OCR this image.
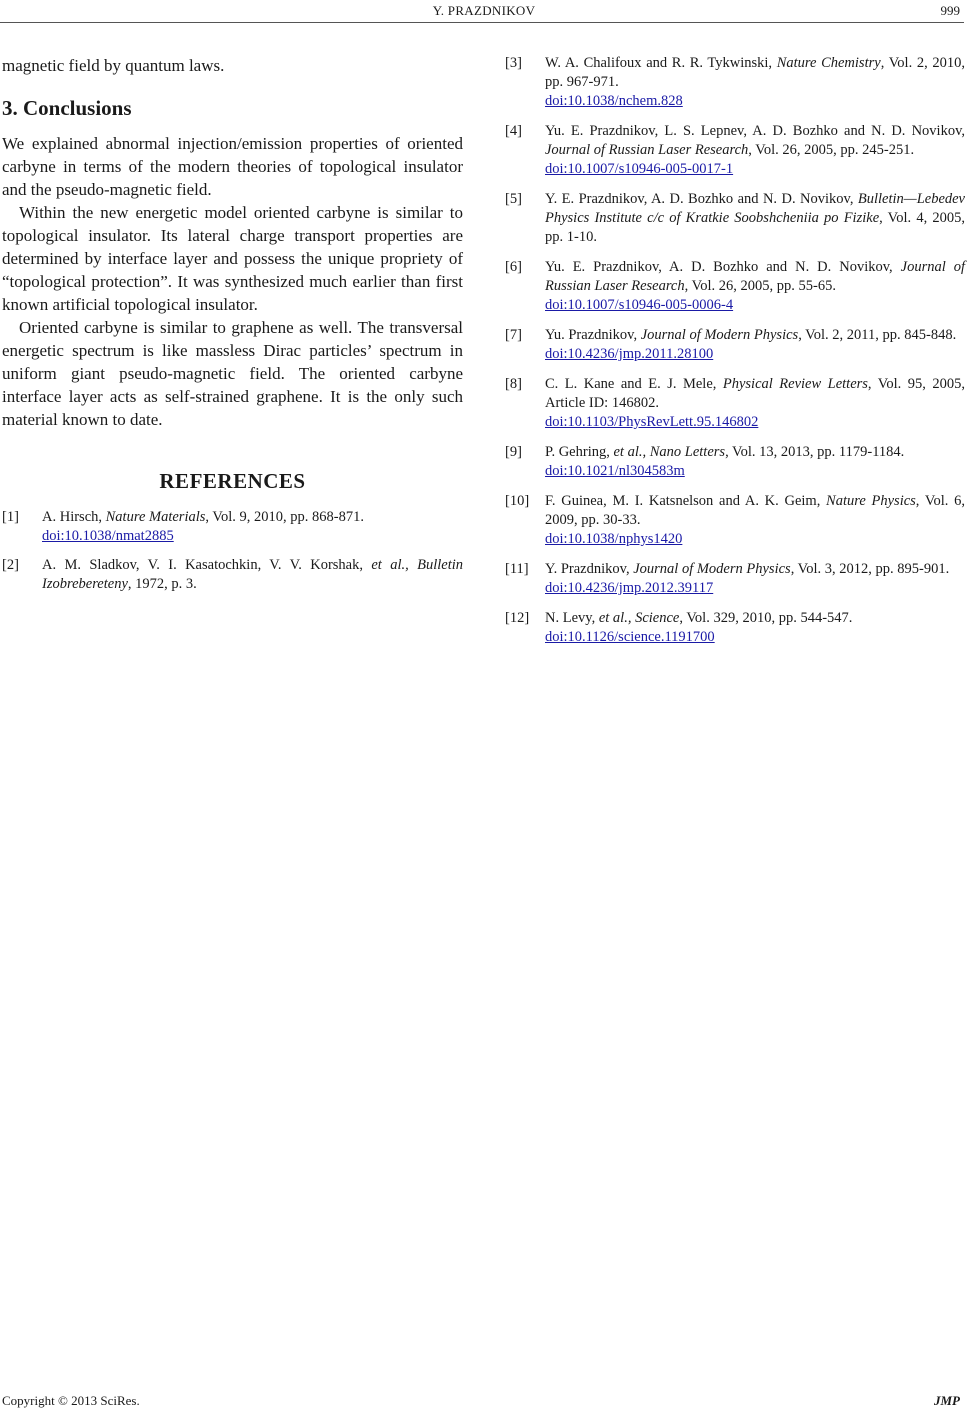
Y. PRAZDNIKOV	999

magnetic field by quantum laws.

3. Conclusions

We explained abnormal injection/emission properties of oriented carbyne in terms of the modern theories of topological insulator and the pseudo-magnetic field.

Within the new energetic model oriented carbyne is similar to topological insulator. Its lateral charge transport properties are determined by interface layer and possess the unique propriety of “topological protection”. It was synthesized much earlier than first known artificial topological insulator.

Oriented carbyne is similar to graphene as well. The transversal energetic spectrum is like massless Dirac particles’ spectrum in uniform giant pseudo-magnetic field. The oriented carbyne interface layer acts as self-strained graphene. It is the only such material known to date.

REFERENCES
[1] A. Hirsch, Nature Materials, Vol. 9, 2010, pp. 868-871.
doi:10.1038/nmat2885
[2] A. M. Sladkov, V. I. Kasatochkin, V. V. Korshak, et al., Bulletin Izobrebereteny, 1972, p. 3.
[3] W. A. Chalifoux and R. R. Tykwinski, Nature Chemistry, Vol. 2, 2010, pp. 967-971.
doi:10.1038/nchem.828
[4] Yu. E. Prazdnikov, L. S. Lepnev, A. D. Bozhko and N. D. Novikov, Journal of Russian Laser Research, Vol. 26, 2005, pp. 245-251.
doi:10.1007/s10946-005-0017-1
[5] Y. E. Prazdnikov, A. D. Bozhko and N. D. Novikov, Bulletin—Lebedev Physics Institute c/c of Kratkie Soobshcheniia po Fizike, Vol. 4, 2005, pp. 1-10.
[6] Yu. E. Prazdnikov, A. D. Bozhko and N. D. Novikov, Journal of Russian Laser Research, Vol. 26, 2005, pp. 55-65.
doi:10.1007/s10946-005-0006-4
[7] Yu. Prazdnikov, Journal of Modern Physics, Vol. 2, 2011, pp. 845-848.
doi:10.4236/jmp.2011.28100
[8] C. L. Kane and E. J. Mele, Physical Review Letters, Vol. 95, 2005, Article ID: 146802.
doi:10.1103/PhysRevLett.95.146802
[9] P. Gehring, et al., Nano Letters, Vol. 13, 2013, pp. 1179-1184.
doi:10.1021/nl304583m
[10] F. Guinea, M. I. Katsnelson and A. K. Geim, Nature Physics, Vol. 6, 2009, pp. 30-33.
doi:10.1038/nphys1420
[11] Y. Prazdnikov, Journal of Modern Physics, Vol. 3, 2012, pp. 895-901.
doi:10.4236/jmp.2012.39117
[12] N. Levy, et al., Science, Vol. 329, 2010, pp. 544-547.
doi:10.1126/science.1191700
Copyright © 2013 SciRes.	JMP
